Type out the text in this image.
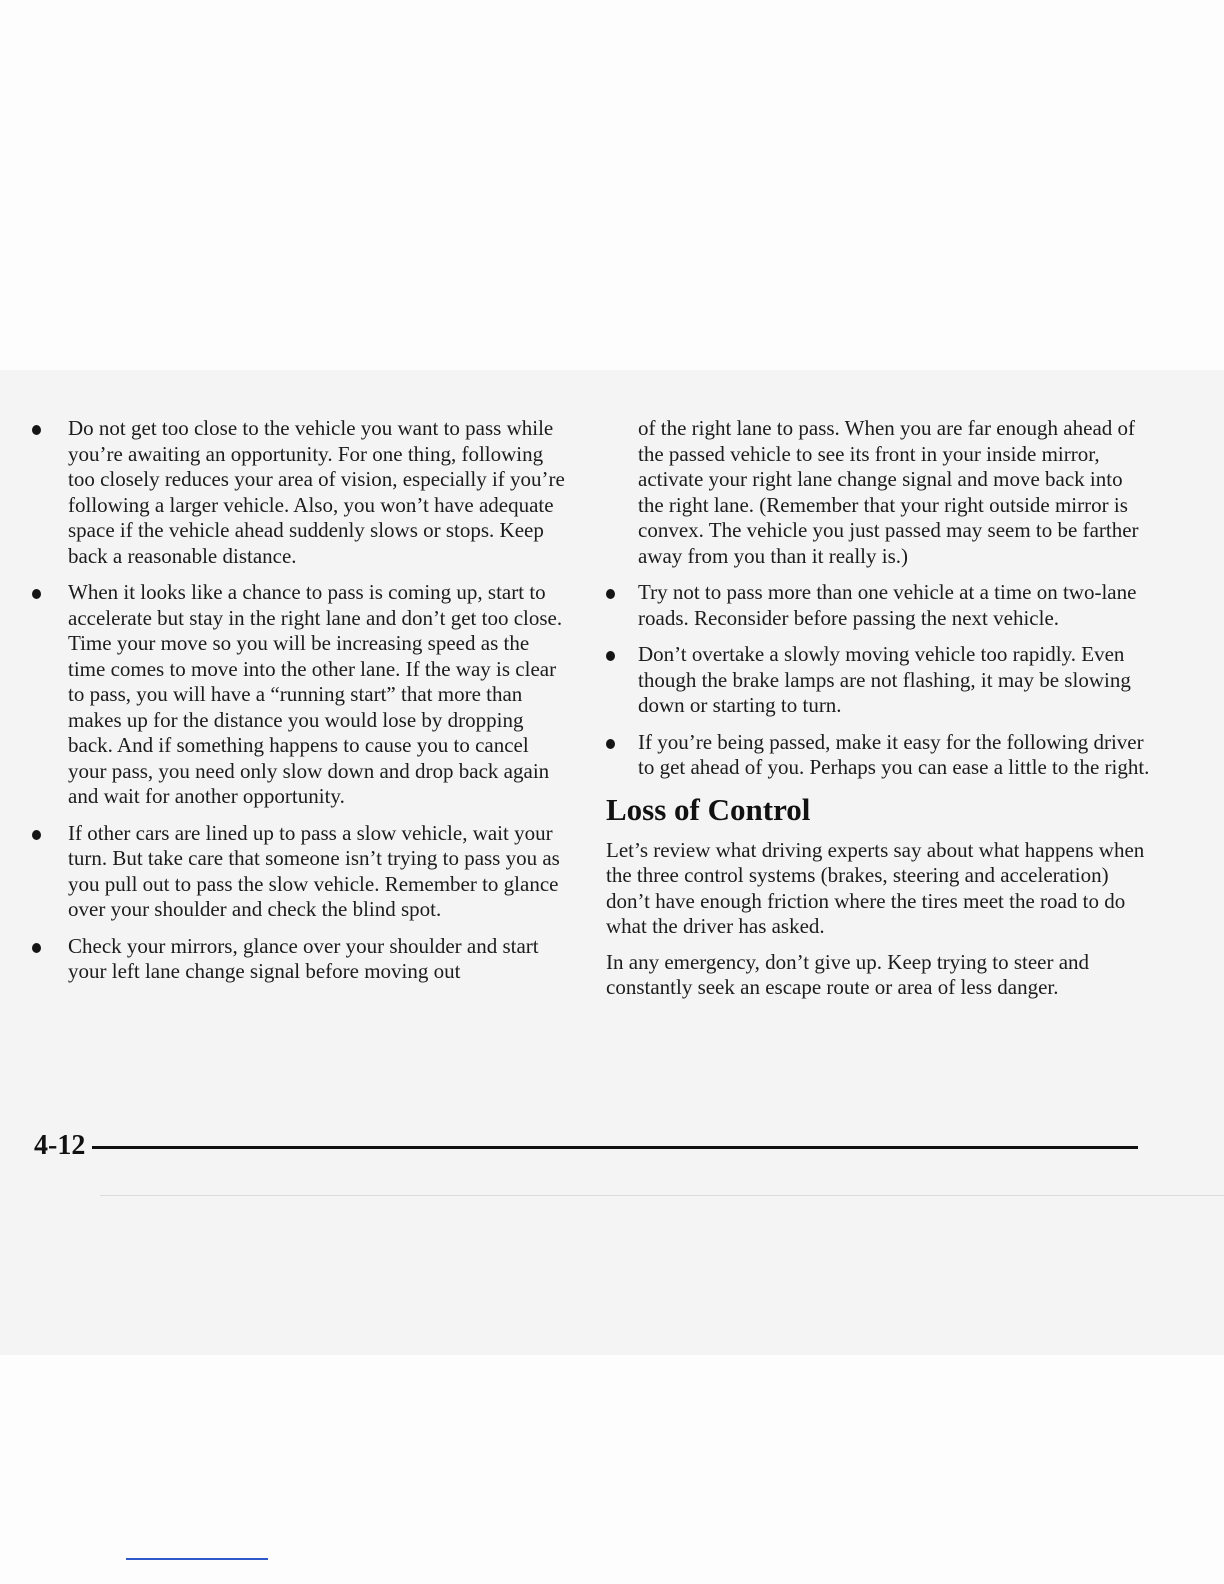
Do not get too close to the vehicle you want to pass while you’re awaiting an opportunity. For one thing, following too closely reduces your area of vision, especially if you’re following a larger vehicle. Also, you won’t have adequate space if the vehicle ahead suddenly slows or stops. Keep back a reasonable distance.
When it looks like a chance to pass is coming up, start to accelerate but stay in the right lane and don’t get too close. Time your move so you will be increasing speed as the time comes to move into the other lane. If the way is clear to pass, you will have a “running start” that more than makes up for the distance you would lose by dropping back. And if something happens to cause you to cancel your pass, you need only slow down and drop back again and wait for another opportunity.
If other cars are lined up to pass a slow vehicle, wait your turn. But take care that someone isn’t trying to pass you as you pull out to pass the slow vehicle. Remember to glance over your shoulder and check the blind spot.
Check your mirrors, glance over your shoulder and start your left lane change signal before moving out

of the right lane to pass. When you are far enough ahead of the passed vehicle to see its front in your inside mirror, activate your right lane change signal and move back into the right lane. (Remember that your right outside mirror is convex. The vehicle you just passed may seem to be farther away from you than it really is.)

Try not to pass more than one vehicle at a time on two-lane roads. Reconsider before passing the next vehicle.
Don’t overtake a slowly moving vehicle too rapidly. Even though the brake lamps are not flashing, it may be slowing down or starting to turn.
If you’re being passed, make it easy for the following driver to get ahead of you. Perhaps you can ease a little to the right.
Loss of Control

Let’s review what driving experts say about what happens when the three control systems (brakes, steering and acceleration) don’t have enough friction where the tires meet the road to do what the driver has asked.

In any emergency, don’t give up. Keep trying to steer and constantly seek an escape route or area of less danger.

4-12
